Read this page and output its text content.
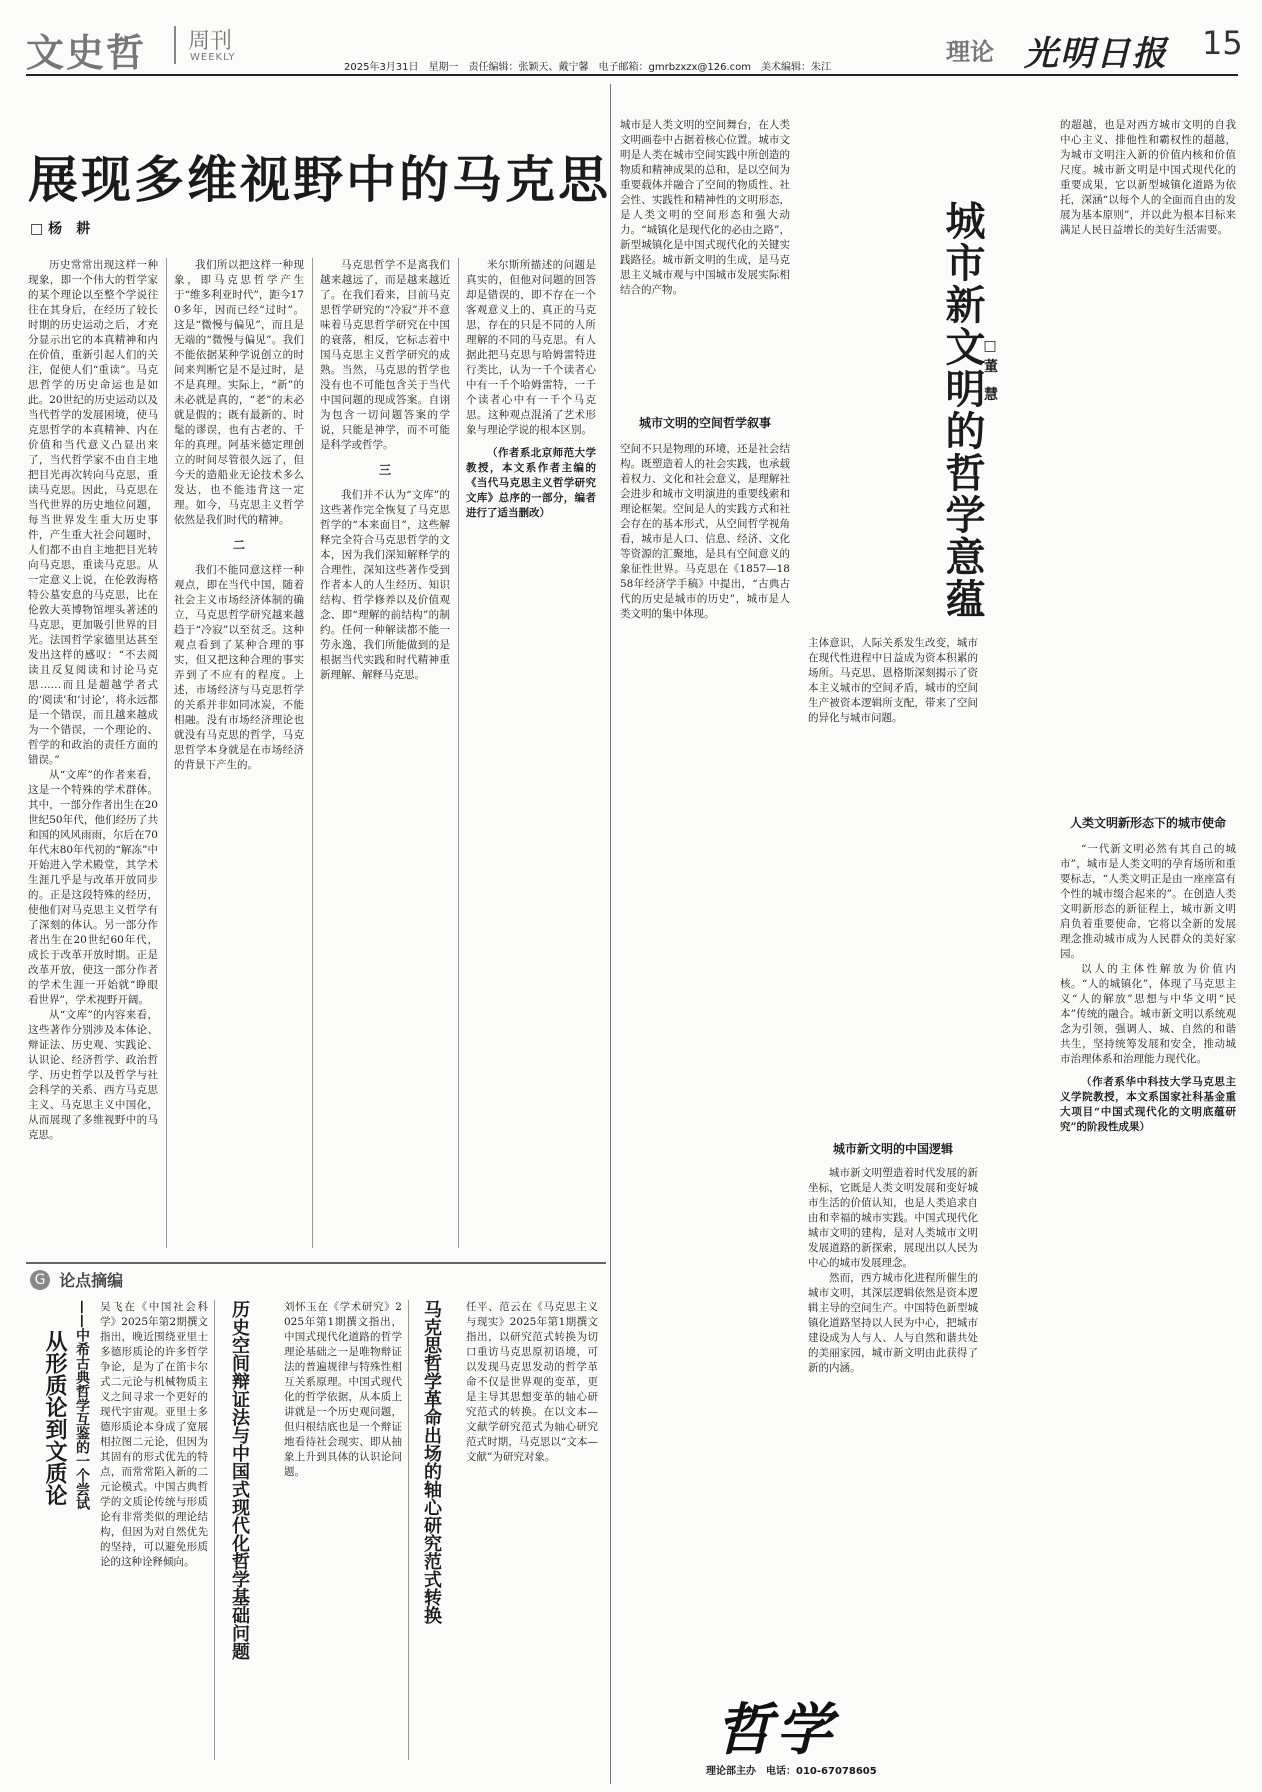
文史哲 周刊
WEEKLY
2025年3月31日　星期一　责任编辑：张颖天、戴宁馨　电子邮箱：gmrbzxzx@126.com　美术编辑：朱江
理论 光明日报 15
展现多维视野中的马克思
□ 杨　耕

历史常常出现这样一种现象，即一个伟大的哲学家的某个理论以至整个学说往往在其身后，在经历了较长时期的历史运动之后，才充分显示出它的本真精神和内在价值，重新引起人们的关注，促使人们“重读”。马克思哲学的历史命运也是如此。20世纪的历史运动以及当代哲学的发展困境，使马克思哲学的本真精神、内在价值和当代意义凸显出来了，当代哲学家不由自主地把目光再次转向马克思，重读马克思。因此，马克思在当代世界的历史地位问题，每当世界发生重大历史事件，产生重大社会问题时，人们都不由自主地把目光转向马克思，重读马克思。从一定意义上说，在伦敦海格特公墓安息的马克思，比在伦敦大英博物馆埋头著述的马克思，更加吸引世界的目光。法国哲学家德里达甚至发出这样的感叹：“不去阅读且反复阅读和讨论马克思……而且是超越学者式的‘阅读’和‘讨论’，将永远都是一个错误，而且越来越成为一个错误，一个理论的、哲学的和政治的责任方面的错误。”

从“文库”的作者来看，这是一个特殊的学术群体。其中，一部分作者出生在20世纪50年代，他们经历了共和国的风风雨雨，尔后在70年代末80年代初的“解冻”中开始进入学术殿堂，其学术生涯几乎是与改革开放同步的。正是这段特殊的经历，使他们对马克思主义哲学有了深刻的体认。另一部分作者出生在20世纪60年代，成长于改革开放时期。正是改革开放，使这一部分作者的学术生涯一开始就“睁眼看世界”，学术视野开阔。

从“文库”的内容来看，这些著作分别涉及本体论、辩证法、历史观、实践论、认识论、经济哲学、政治哲学、历史哲学以及哲学与社会科学的关系、西方马克思主义、马克思主义中国化，从而展现了多维视野中的马克思。

我们所以把这样一种现象，即马克思哲学产生于“维多利亚时代”，距今170多年，因而已经“过时”。这是“微慢与偏见”，而且是无端的“微慢与偏见”。我们不能依据某种学说创立的时间来判断它是不是过时，是不是真理。实际上，“新”的未必就是真的，“老”的未必就是假的；既有最新的、时髦的谬误，也有古老的、千年的真理。阿基米德定理创立的时间尽管很久远了，但今天的造船业无论技术多么发达，也不能违背这一定理。如今，马克思主义哲学依然是我们时代的精神。

二

我们不能同意这样一种观点，即在当代中国，随着社会主义市场经济体制的确立，马克思哲学研究越来越趋于“冷寂”以至贫乏。这种观点看到了某种合理的事实，但又把这种合理的事实弄到了不应有的程度。上述，市场经济与马克思哲学的关系并非如同冰炭，不能相融。没有市场经济理论也就没有马克思的哲学，马克思哲学本身就是在市场经济的背景下产生的。

马克思哲学不是离我们越来越远了，而是越来越近了。在我们看来，目前马克思哲学研究的“冷寂”并不意味着马克思哲学研究在中国的衰落，相反，它标志着中国马克思主义哲学研究的成熟。当然，马克思的哲学也没有也不可能包含关于当代中国问题的现成答案。自诩为包含一切问题答案的学说，只能是神学，而不可能是科学或哲学。

三

我们并不认为“文库”的这些著作完全恢复了马克思哲学的“本来面目”，这些解释完全符合马克思哲学的文本，因为我们深知解释学的合理性，深知这些著作受到作者本人的人生经历、知识结构、哲学修养以及价值观念、即“理解的前结构”的制约。任何一种解读都不能一劳永逸，我们所能做到的是根据当代实践和时代精神重新理解、解释马克思。

米尔斯所描述的问题是真实的，但他对问题的回答却是错误的，即不存在一个客观意义上的、真正的马克思，存在的只是不同的人所理解的不同的马克思。有人据此把马克思与哈姆雷特进行类比，认为一千个读者心中有一千个哈姆雷特，一千个读者心中有一千个马克思。这种观点混淆了艺术形象与理论学说的根本区别。

（作者系北京师范大学教授，本文系作者主编的《当代马克思主义哲学研究文库》总序的一部分，编者进行了适当删改）

G 论点摘编
从形质论到文质论 ——中希古典哲学互鉴的一个尝试 吴飞在《中国社会科学》2025年第2期撰文指出，晚近围绕亚里士多德形质论的许多哲学争论，是为了在笛卡尔式二元论与机械物质主义之间寻求一个更好的现代宇宙观。亚里士多德形质论本身成了宽展相拉图二元论，但因为其固有的形式优先的特点，而常常陷入新的二元论模式。中国古典哲学的文质论传统与形质论有非常类似的理论结构，但因为对自然优先的坚持，可以避免形质论的这种诠释倾向。	历史空间辩证法与中国式现代化哲学基础问题	刘怀玉在《学术研究》2025年第1期撰文指出，中国式现代化道路的哲学理论基础之一是唯物辩证法的普遍规律与特殊性相互关系原理。中国式现代化的哲学依据，从本质上讲就是一个历史观问题，但归根结底也是一个辩证地看待社会现实、即从抽象上升到具体的认识论问题。	马克思哲学革命出场的轴心研究范式转换 任平、范云在《马克思主义与现实》2025年第1期撰文指出，以研究范式转换为切口重访马克思原初语境，可以发现马克思发动的哲学革命不仅是世界观的变革，更是主导其思想变革的轴心研究范式的转换。在以文本—文献学研究范式为轴心研究范式时期，马克思以“文本—文献”为研究对象。
城市是人类文明的空间舞台，在人类文明画卷中占据着核心位置。城市文明是人类在城市空间实践中所创造的物质和精神成果的总和，是以空间为重要载体并融合了空间的物质性、社会性、实践性和精神性的文明形态，是人类文明的空间形态和强大动力。“城镇化是现代化的必由之路”，新型城镇化是中国式现代化的关键实践路径。城市新文明的生成，是马克思主义城市观与中国城市发展实际相结合的产物。	城市新文明的哲学意蕴
□ 董　慧
城市文明的空间哲学叙事
空间不只是物理的环境，还是社会结构。既塑造着人的社会实践，也承载着权力、文化和社会意义，是理解社会进步和城市文明演进的重要线索和理论框架。空间是人的实践方式和社会存在的基本形式，从空间哲学视角看，城市是人口、信息、经济、文化等资源的汇聚地，是具有空间意义的象征性世界。马克思在《1857—1858年经济学手稿》中提出，“古典古代的历史是城市的历史”，城市是人类文明的集中体现。
主体意识，人际关系发生改变，城市在现代性进程中日益成为资本积累的场所。马克思、恩格斯深刻揭示了资本主义城市的空间矛盾，城市的空间生产被资本逻辑所支配，带来了空间的异化与城市问题。
城市新文明的中国逻辑

城市新文明塑造着时代发展的新坐标，它既是人类文明发展和变好城市生活的价值认知，也是人类追求自由和幸福的城市实践。中国式现代化城市文明的建构，是对人类城市文明发展道路的新探索，展现出以人民为中心的城市发展理念。

然而，西方城市化进程所催生的城市文明，其深层逻辑依然是资本逻辑主导的空间生产。中国特色新型城镇化道路坚持以人民为中心，把城市建设成为人与人、人与自然和谐共处的美丽家园，城市新文明由此获得了新的内涵。

哲学
理论部主办　电话：010-67078605
的超越，也是对西方城市文明的自我中心主义、排他性和霸权性的超越，为城市文明注入新的价值内核和价值尺度。城市新文明是中国式现代化的重要成果，它以新型城镇化道路为依托，深涵“以每个人的全面而自由的发展为基本原则”，并以此为根本目标来满足人民日益增长的美好生活需要。
人类文明新形态下的城市使命

“一代新文明必然有其自己的城市”，城市是人类文明的孕育场所和重要标志，“人类文明正是由一座座富有个性的城市缀合起来的”。在创造人类文明新形态的新征程上，城市新文明肩负着重要使命，它将以全新的发展理念推动城市成为人民群众的美好家园。

以人的主体性解放为价值内核。“人的城镇化”，体现了马克思主义“人的解放”思想与中华文明“民本”传统的融合。城市新文明以系统观念为引领，强调人、城、自然的和谐共生，坚持统筹发展和安全，推动城市治理体系和治理能力现代化。

（作者系华中科技大学马克思主义学院教授，本文系国家社科基金重大项目“中国式现代化的文明底蕴研究”的阶段性成果）
